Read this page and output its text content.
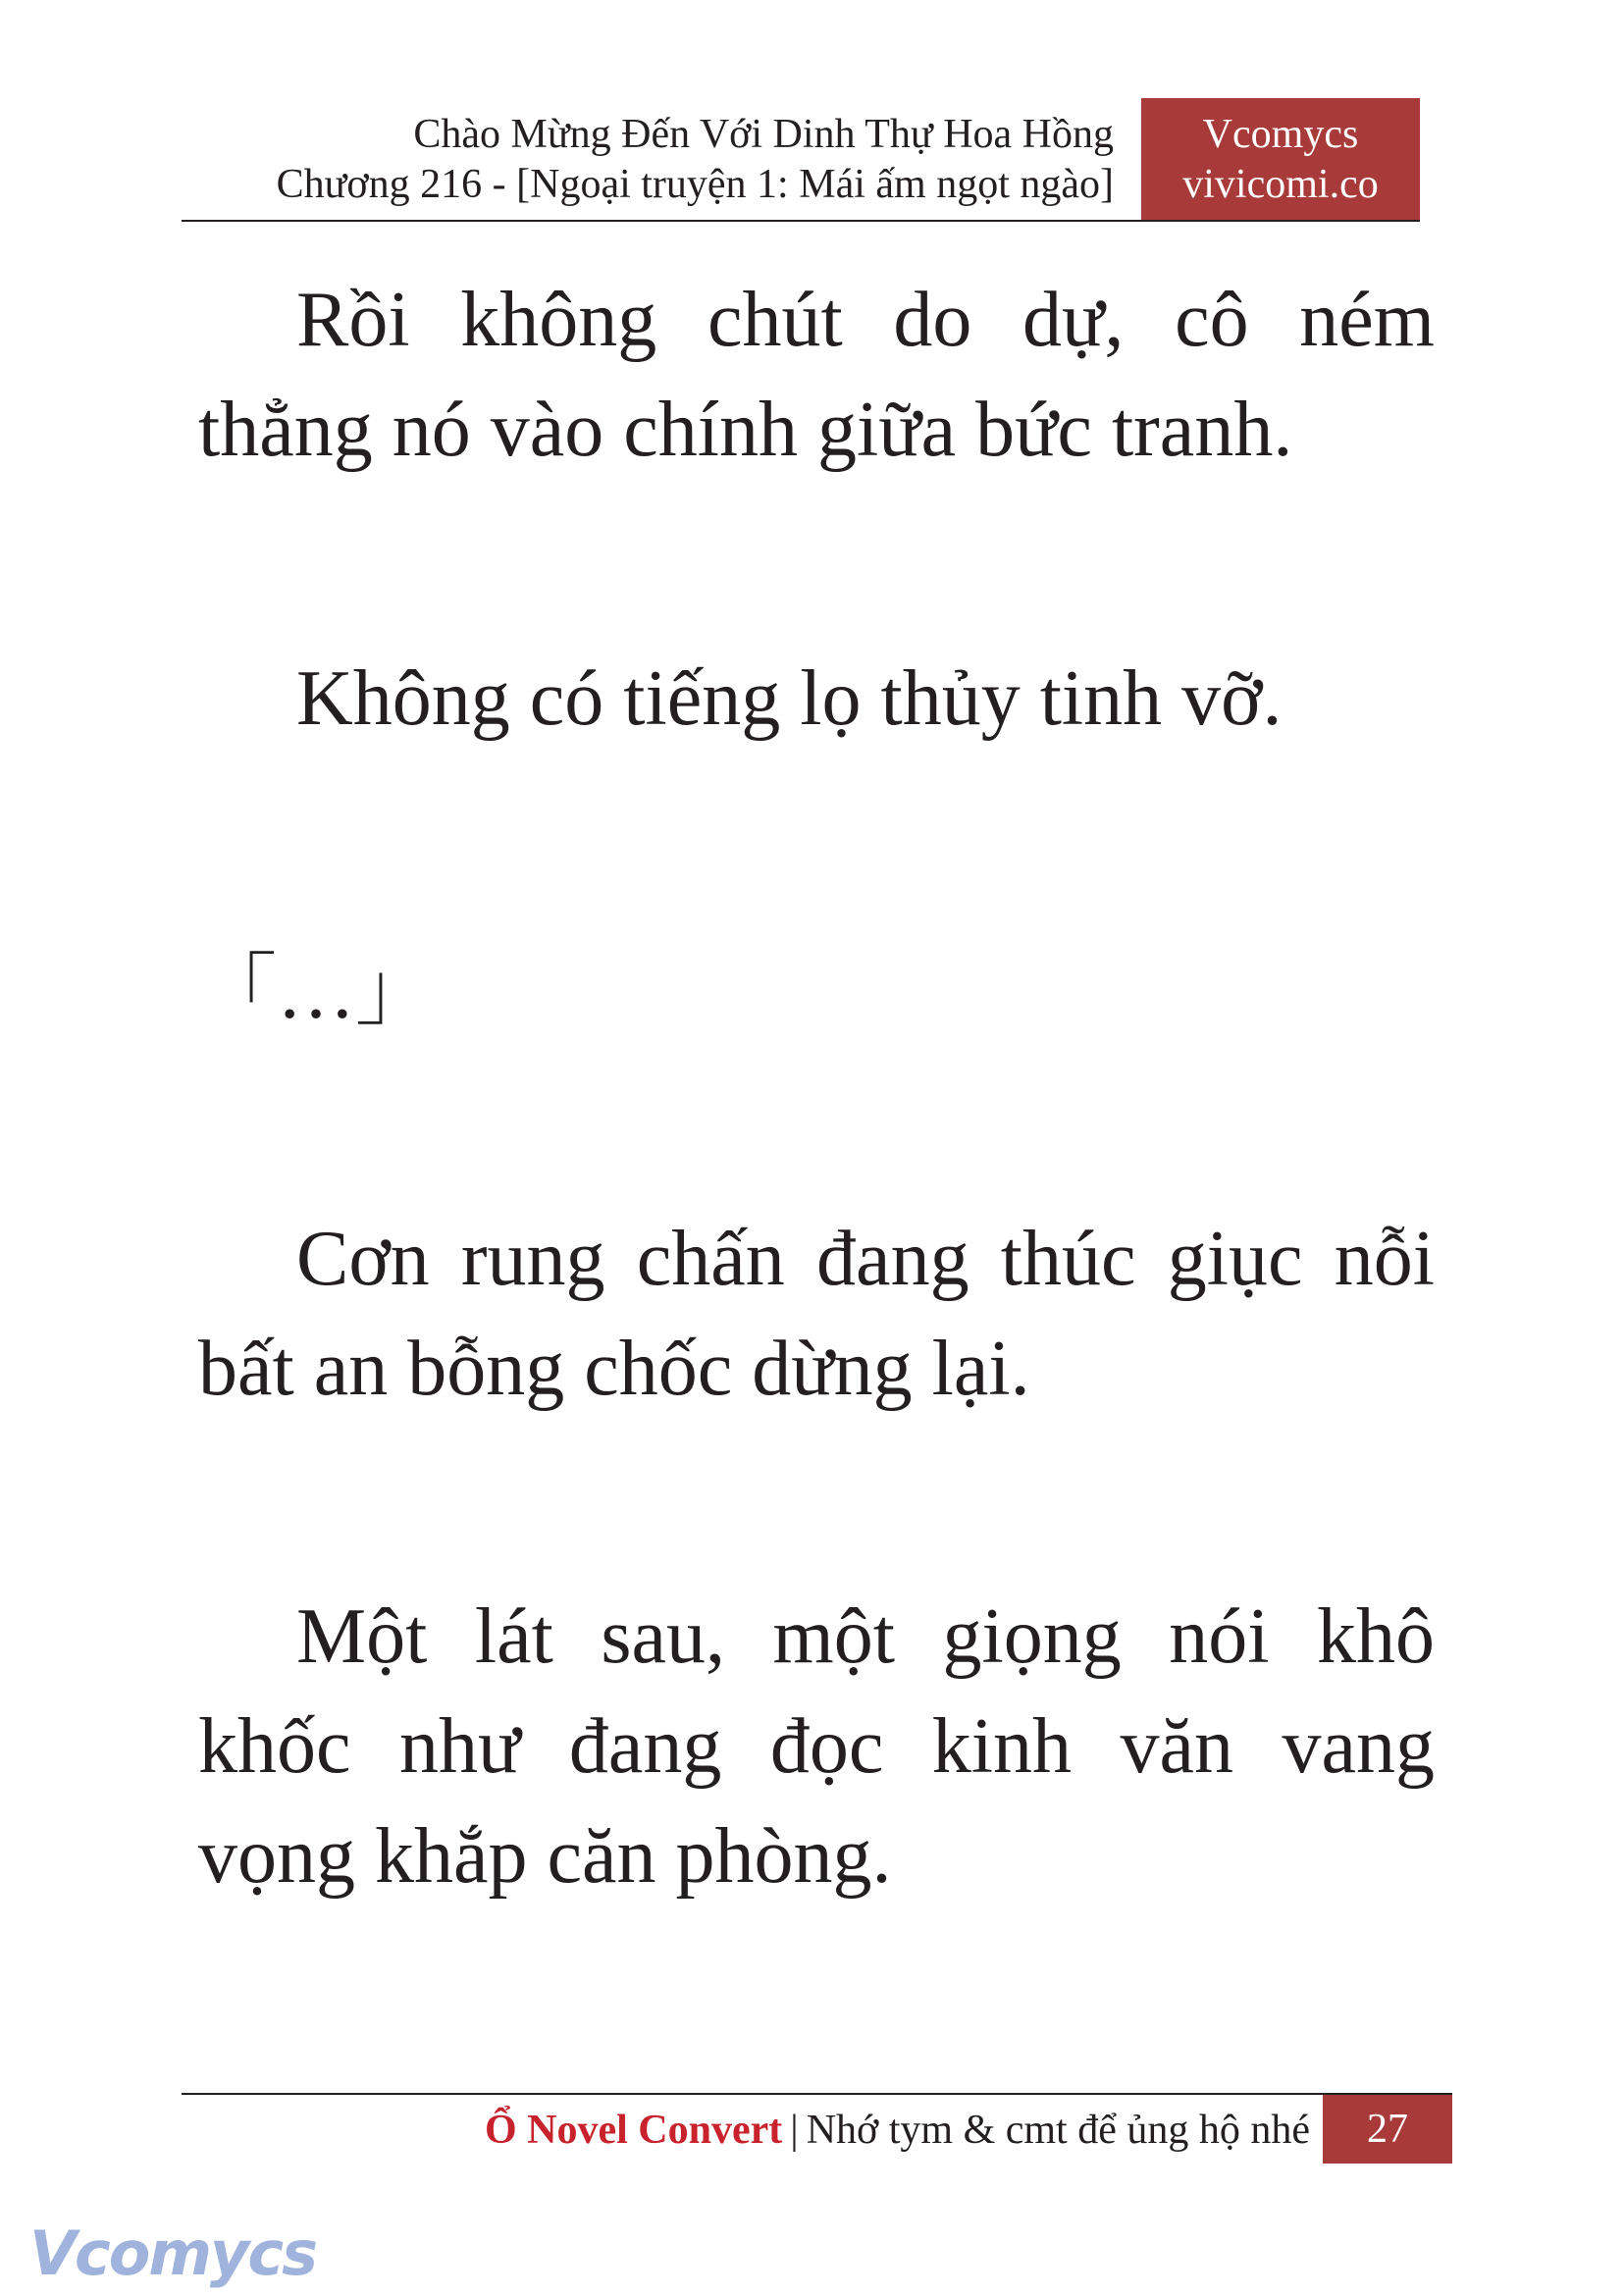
Chào Mừng Đến Với Dinh Thự Hoa Hồng
Chương 216 - [Ngoại truyện 1: Mái ấm ngọt ngào]
Vcomycs
vivicomi.co

Rồi không chút do dự, cô ném thẳng nó vào chính giữa bức tranh.

Không có tiếng lọ thủy tinh vỡ.

「…」

Cơn rung chấn đang thúc giục nỗi bất an bỗng chốc dừng lại.

Một lát sau, một giọng nói khô khốc như đang đọc kinh văn vang vọng khắp căn phòng.

Ổ Novel Convert | Nhớ tym & cmt để ủng hộ nhé	27
Vcomycs
